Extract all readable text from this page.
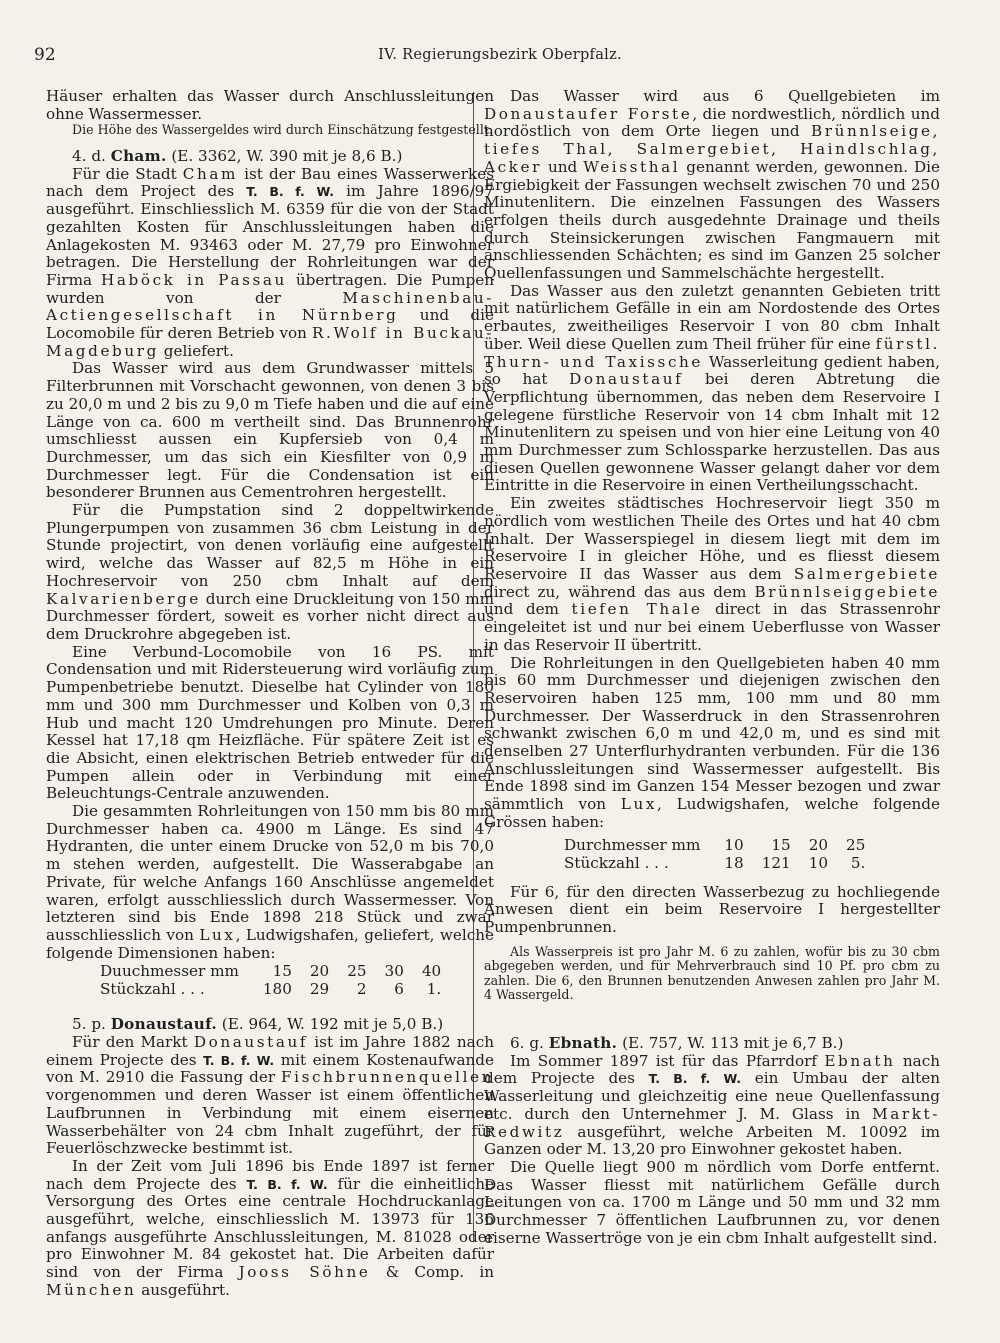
92	IV. Regierungsbezirk Oberpfalz.

Häuser erhalten das Wasser durch Anschlussleitungen ohne Wassermesser.

Die Höhe des Wassergeldes wird durch Einschätzung festgestellt.

4. d. Cham. (E. 3362, W. 390 mit je 8,6 B.)

Für die Stadt Cham ist der Bau eines Wasserwerkes nach dem Project des T. B. f. W. im Jahre 1896/97 ausgeführt. Einschliesslich M. 6359 für die von der Stadt gezahlten Kosten für Anschlussleitungen haben die Anlagekosten M. 93463 oder M. 27,79 pro Einwohner betragen. Die Herstellung der Rohrleitungen war der Firma Haböck in Passau übertragen. Die Pumpen wurden von der	Maschinenbau-Actiengesellschaft in Nürnberg und die Locomobile für deren Betrieb von R.Wolf in Buckau-Magdeburg geliefert.

Das Wasser wird aus dem Grundwasser mittels 5 Filterbrunnen mit Vorschacht gewonnen, von denen 3 bis zu 20,0 m und 2 bis zu 9,0 m Tiefe haben und die auf eine Länge von ca. 600 m vertheilt sind. Das Brunnenrohr umschliesst aussen ein Kupfersieb von 0,4 m Durchmesser, um das sich ein Kiesfilter von 0,9 m Durchmesser legt. Für die Condensation ist ein besonderer Brunnen aus Cementrohren hergestellt.

Für die Pumpstation sind 2 doppeltwirkende Plungerpumpen von zusammen 36 cbm Leistung in der Stunde projectirt, von denen vorläufig eine aufgestellt wird, welche das Wasser auf 82,5 m Höhe in ein Hochreservoir von 250 cbm Inhalt auf dem Kalvarienberge durch eine Druckleitung von 150 mm Durchmesser fördert, soweit es vorher nicht direct aus dem Druckrohre abgegeben ist.

Eine Verbund-Locomobile von 16 PS. mit Condensation und mit Ridersteuerung wird vorläufig zum Pumpenbetriebe benutzt. Dieselbe hat Cylinder von 180 mm und 300 mm Durchmesser und Kolben von 0,3 m Hub und macht 120 Umdrehungen pro Minute. Deren Kessel hat 17,18 qm Heizfläche. Für spätere Zeit ist es die Absicht, einen elektrischen Betrieb entweder für die Pumpen allein oder in Verbindung mit einer Beleuchtungs-Centrale anzuwenden.

Die gesammten Rohrleitungen von 150 mm bis 80 mm Durchmesser haben ca. 4900 m Länge. Es sind 47 Hydranten, die unter einem Drucke von 52,0 m bis 70,0 m stehen werden, aufgestellt. Die Wasserabgabe an Private, für welche Anfangs 160 Anschlüsse angemeldet waren, erfolgt ausschliesslich durch Wassermesser. Von letzteren sind bis Ende 1898 218 Stück und zwar ausschliesslich von Lux, Ludwigshafen, geliefert, welche folgende Dimensionen haben:

Duuchmesser mm	15	20	25	30	40
Stückzahl . . .	180	29	2	6	1.

5. p. Donaustauf. (E. 964, W. 192 mit je 5,0 B.)

Für den Markt Donaustauf ist im Jahre 1882 nach einem Projecte des T. B. f. W. mit einem Kostenaufwande von M. 2910 die Fassung der Fischbrunnenquellen vorgenommen und deren Wasser ist einem öffentlichen Laufbrunnen in Verbindung mit einem eisernen Wasserbehälter von 24 cbm Inhalt zugeführt, der für Feuerlöschzwecke bestimmt ist.

In der Zeit vom Juli 1896 bis Ende 1897 ist ferner nach dem Projecte des T. B. f. W. für die einheitliche Versorgung des Ortes eine centrale Hochdruckanlage ausgeführt, welche, einschliesslich M. 13973 für 136 anfangs ausgeführte Anschlussleitungen, M. 81028 oder pro Einwohner M. 84 gekostet hat. Die Arbeiten dafür sind von der Firma Jooss Söhne & Comp. in München ausgeführt.

Das Wasser wird aus 6 Quellgebieten im Donaustaufer Forste, die nordwestlich, nördlich und nordöstlich von dem Orte liegen und Brünnlseige, tiefes Thal, Salmergebiet, Haindlschlag, Acker und Weissthal genannt werden, gewonnen. Die Ergiebigkeit der Fassungen wechselt zwischen 70 und 250 Minutenlitern. Die einzelnen Fassungen des Wassers erfolgen theils durch ausgedehnte Drainage und theils durch Steinsickerungen zwischen Fangmauern mit anschliessenden Schächten; es sind im Ganzen 25 solcher Quellenfassungen und Sammelschächte hergestellt.

Das Wasser aus den zuletzt genannten Gebieten tritt mit natürlichem Gefälle in ein am Nordostende des Ortes erbautes, zweitheiliges Reservoir I von 80 cbm Inhalt über. Weil diese Quellen zum Theil früher für eine fürstl. Thurn- und Taxissche Wasserleitung gedient haben, so hat Donaustauf bei deren Abtretung die Verpflichtung übernommen, das neben dem Reservoire I gelegene fürstliche Reservoir von 14 cbm Inhalt mit 12 Minutenlitern zu speisen und von hier eine Leitung von 40 mm Durchmesser zum Schlossparke herzustellen. Das aus diesen Quellen gewonnene Wasser gelangt daher vor dem Eintritte in die Reservoire in einen Vertheilungsschacht.

Ein zweites städtisches Hochreservoir liegt 350 m nördlich vom westlichen Theile des Ortes und hat 40 cbm Inhalt. Der Wasserspiegel in diesem liegt mit dem im Reservoire I in gleicher Höhe, und es fliesst diesem Reservoire II das Wasser aus dem Salmergebiete direct zu, während das aus dem Brünnlseiggebiete und dem tiefen Thale direct in das Strassenrohr eingeleitet ist und nur bei einem Ueberflusse von Wasser in das Reservoir II übertritt.

Die Rohrleitungen in den Quellgebieten haben 40 mm bis 60 mm Durchmesser und diejenigen zwischen den Reservoiren haben 125 mm, 100 mm und 80 mm Durchmesser. Der Wasserdruck in den Strassenrohren schwankt zwischen 6,0 m und 42,0 m, und es sind mit denselben 27 Unterflurhydranten verbunden. Für die 136 Anschlussleitungen sind Wassermesser aufgestellt. Bis Ende 1898 sind im Ganzen 154 Messer bezogen und zwar sämmtlich von Lux, Ludwigshafen, welche folgende Grössen haben:

Durchmesser mm	10	15	20	25
Stückzahl . . .	18	121	10	5.

Für 6, für den directen Wasserbezug zu hochliegende Anwesen dient ein beim Reservoire I hergestellter Pumpenbrunnen.

Als Wasserpreis ist pro Jahr M. 6 zu zahlen, wofür bis zu 30 cbm abgegeben werden, und für Mehrverbrauch sind 10 Pf. pro cbm zu zahlen. Die 6, den Brunnen benutzenden Anwesen zahlen pro Jahr M. 4 Wassergeld.

6. g. Ebnath. (E. 757, W. 113 mit je 6,7 B.)

Im Sommer 1897 ist für das Pfarrdorf Ebnath nach dem Projecte des T. B. f. W. ein Umbau der alten Wasserleitung und gleichzeitig eine neue Quellenfassung etc. durch den Unternehmer J. M. Glass in Markt-Redwitz ausgeführt, welche Arbeiten M. 10092 im Ganzen oder M. 13,20 pro Einwohner gekostet haben.

Die Quelle liegt 900 m nördlich vom Dorfe entfernt. Das Wasser fliesst mit natürlichem Gefälle durch Leitungen von ca. 1700 m Länge und 50 mm und 32 mm Durchmesser 7 öffentlichen Laufbrunnen zu, vor denen eiserne Wassertröge von je ein cbm Inhalt aufgestellt sind.
